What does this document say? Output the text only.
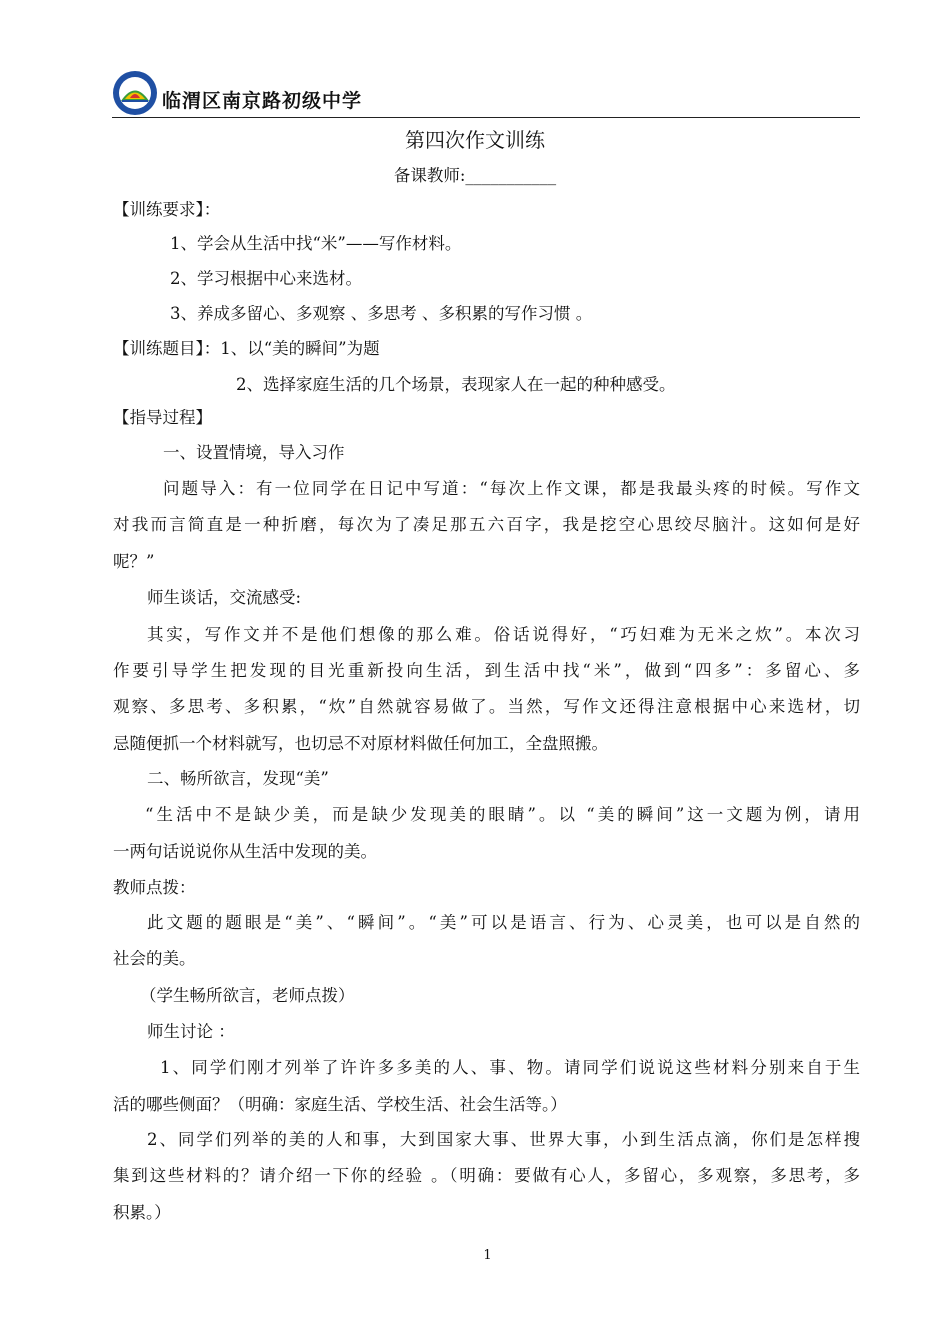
临渭区南京路初级中学
第四次作文训练
备课教师:___________
【训练要求】：
1、学会从生活中找“米”——写作材料。
2、学习根据中心来选材。
3、养成多留心、多观察 、多思考 、多积累的写作习惯 。
【训练题目】：1、以“美的瞬间”为题
2、选择家庭生活的几个场景，表现家人在一起的种种感受。
【指导过程】
一、设置情境，导入习作
问题导入：有一位同学在日记中写道：“每次上作文课，都是我最头疼的时候。写作文
对我而言简直是一种折磨，每次为了凑足那五六百字，我是挖空心思绞尽脑汁。这如何是好
呢？”
师生谈话，交流感受:
其实，写作文并不是他们想像的那么难。俗话说得好，“巧妇难为无米之炊”。本次习
作要引导学生把发现的目光重新投向生活，到生活中找“米”，做到“四多”：多留心、多
观察、多思考、多积累，“炊”自然就容易做了。当然，写作文还得注意根据中心来选材，切
忌随便抓一个材料就写，也切忌不对原材料做任何加工，全盘照搬。
二、畅所欲言，发现“美”
“生活中不是缺少美，而是缺少发现美的眼睛”。以 “美的瞬间”这一文题为例，请用
一两句话说说你从生活中发现的美。
教师点拨：
此文题的题眼是“美”、“瞬间”。“美”可以是语言、行为、心灵美，也可以是自然的
社会的美。
（学生畅所欲言，老师点拨）
师生讨论 ：
1、同学们刚才列举了许许多多美的人、事、物。请同学们说说这些材料分别来自于生
活的哪些侧面？（明确：家庭生活、学校生活、社会生活等。）
2、同学们列举的美的人和事，大到国家大事、世界大事，小到生活点滴，你们是怎样搜
集到这些材料的？请介绍一下你的经验 。（明确：要做有心人，多留心，多观察，多思考，多
积累。）
1
